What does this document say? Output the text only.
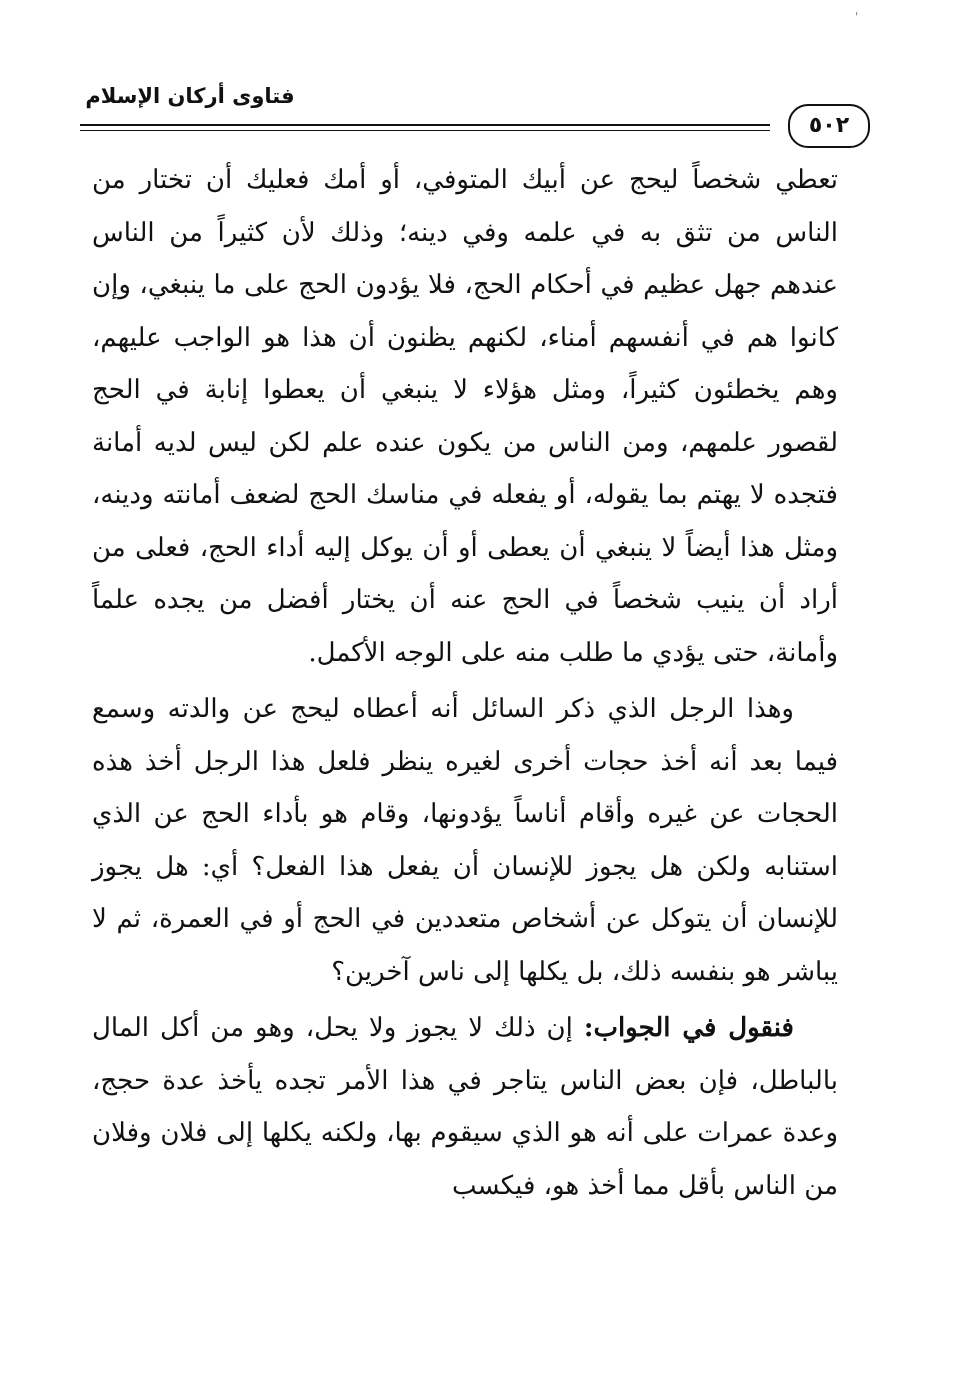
'
فتاوى أركان الإسلام
٥٠٢

تعطي شخصاً ليحج عن أبيك المتوفي، أو أمك فعليك أن تختار من الناس من تثق به في علمه وفي دينه؛ وذلك لأن كثيراً من الناس عندهم جهل عظيم في أحكام الحج، فلا يؤدون الحج على ما ينبغي، وإن كانوا هم في أنفسهم أمناء، لكنهم يظنون أن هذا هو الواجب عليهم، وهم يخطئون كثيراً، ومثل هؤلاء لا ينبغي أن يعطوا إنابة في الحج لقصور علمهم، ومن الناس من يكون عنده علم لكن ليس لديه أمانة فتجده لا يهتم بما يقوله، أو يفعله في مناسك الحج لضعف أمانته ودينه، ومثل هذا أيضاً لا ينبغي أن يعطى أو أن يوكل إليه أداء الحج، فعلى من أراد أن ينيب شخصاً في الحج عنه أن يختار أفضل من يجده علماً وأمانة، حتى يؤدي ما طلب منه على الوجه الأكمل.

وهذا الرجل الذي ذكر السائل أنه أعطاه ليحج عن والدته وسمع فيما بعد أنه أخذ حجات أخرى لغيره ينظر فلعل هذا الرجل أخذ هذه الحجات عن غيره وأقام أناساً يؤدونها، وقام هو بأداء الحج عن الذي استنابه ولكن هل يجوز للإنسان أن يفعل هذا الفعل؟ أي: هل يجوز للإنسان أن يتوكل عن أشخاص متعددين في الحج أو في العمرة، ثم لا يباشر هو بنفسه ذلك، بل يكلها إلى ناس آخرين؟

فنقول في الجواب: إن ذلك لا يجوز ولا يحل، وهو من أكل المال بالباطل، فإن بعض الناس يتاجر في هذا الأمر تجده يأخذ عدة حجج، وعدة عمرات على أنه هو الذي سيقوم بها، ولكنه يكلها إلى فلان وفلان من الناس بأقل مما أخذ هو، فيكسب
